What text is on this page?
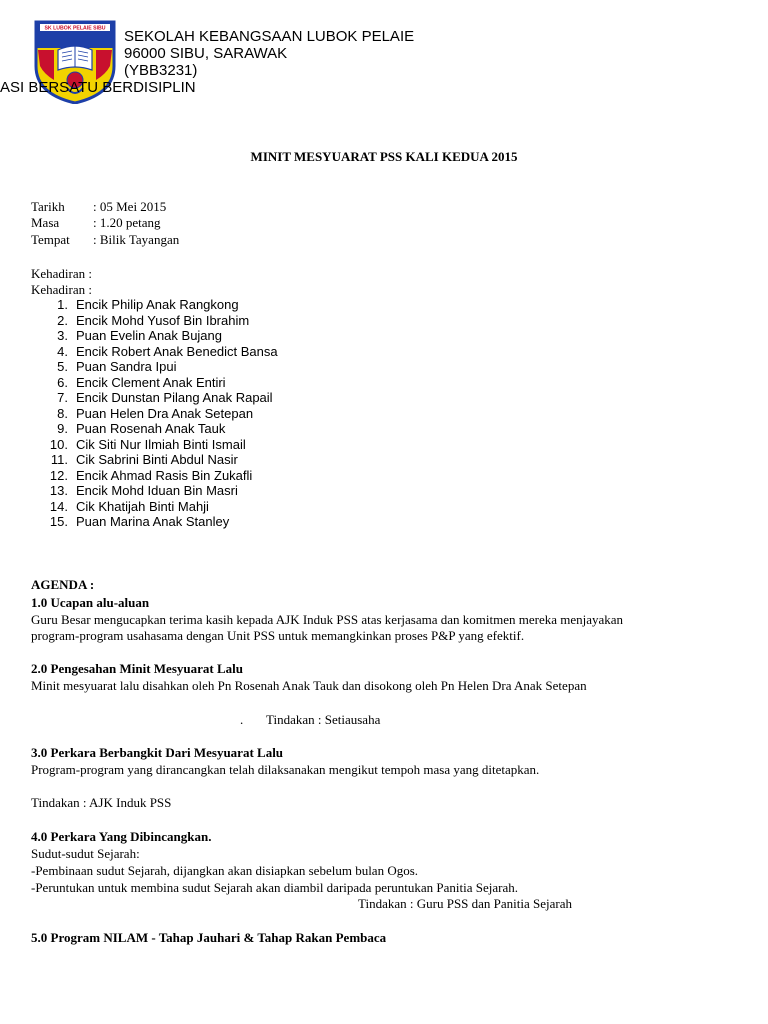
SK LUBOK PELAIE SIBU SEKOLAH KEBANGSAAN LUBOK PELAIE
96000 SIBU, SARAWAK
(YBB3231)
ASI BERSATU BERDISIPLIN
MINIT MESYUARAT PSS KALI KEDUA 2015
Tarikh : 05 Mei 2015
Masa	: 1.20 petang
Tempat : Bilik Tayangan
Kehadiran :
Kehadiran :
1. Encik Philip Anak Rangkong
2. Encik Mohd Yusof Bin Ibrahim
3. Puan Evelin Anak Bujang
4. Encik Robert Anak Benedict Bansa
5. Puan Sandra Ipui
6. Encik Clement Anak Entiri
7. Encik Dunstan Pilang Anak Rapail
8. Puan Helen Dra Anak Setepan
9. Puan Rosenah Anak Tauk
10. Cik Siti Nur Ilmiah Binti Ismail
11. Cik Sabrini Binti Abdul Nasir
12. Encik Ahmad Rasis Bin Zukafli
13. Encik Mohd Iduan Bin Masri
14. Cik Khatijah Binti Mahji
15. Puan Marina Anak Stanley
AGENDA :
1.0 Ucapan alu-aluan
Guru Besar mengucapkan terima kasih kepada AJK Induk PSS atas kerjasama dan komitmen mereka menjayakan
program-program usahasama dengan Unit PSS untuk memangkinkan proses P&P yang efektif.
2.0 Pengesahan Minit Mesyuarat Lalu
Minit mesyuarat lalu disahkan oleh Pn Rosenah Anak Tauk dan disokong oleh Pn Helen Dra Anak Setepan
. Tindakan : Setiausaha
3.0 Perkara Berbangkit Dari Mesyuarat Lalu
Program-program yang dirancangkan telah dilaksanakan mengikut tempoh masa yang ditetapkan.
Tindakan : AJK Induk PSS
4.0 Perkara Yang Dibincangkan.
Sudut-sudut Sejarah:
-Pembinaan sudut Sejarah, dijangkan akan disiapkan sebelum bulan Ogos.
-Peruntukan untuk membina sudut Sejarah akan diambil daripada peruntukan Panitia Sejarah.
Tindakan : Guru PSS dan Panitia Sejarah
5.0 Program NILAM - Tahap Jauhari & Tahap Rakan Pembaca
